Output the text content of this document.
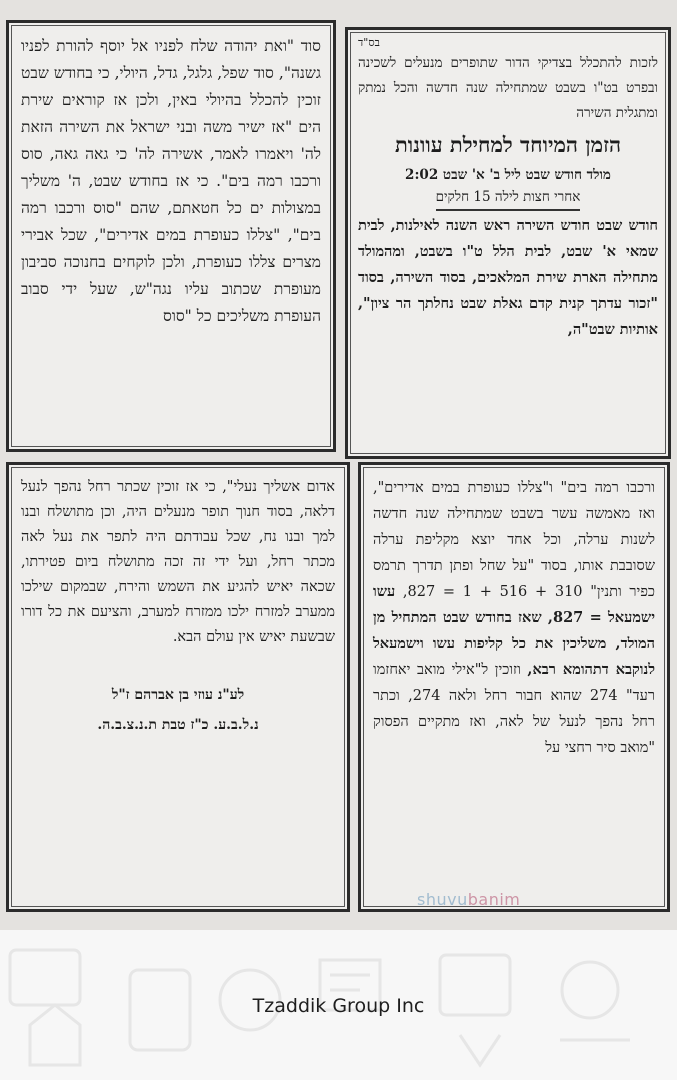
סוד "ואת יהודה שלח לפניו אל יוסף להורת לפניו גשנה", סוד שפל, גלגל, גדל, היולי, כי בחודש שבט זוכין להכלל בהיולי באין, ולכן אז קוראים שירת הים "אז ישיר משה ובני ישראל את השירה הזאת לה' ויאמרו לאמר, אשירה לה' כי גאה גאה, סוס ורכבו רמה בים". כי אז בחודש שבט, ה' משליך במצולות ים כל חטאתם, שהם "סוס ורכבו רמה בים", "צללו כעופרת במים אדירים", שכל אבירי מצרים צללו כעופרת, ולכן לוקחים בחנוכה סביבון מעופרת שכתוב עליו נגה"ש, שעל ידי סבוב העופרת משליכים כל "סוס
בס"ד
לזכות להתכלל בצדיקי הדור שתופרים מנעלים לשכינה ובפרט בט"ו בשבט שמתחילה שנה חדשה והכל נמתק ומתגלית השירה
הזמן המיוחד למחילת עוונות
מולד חודש שבט ליל ב' א' שבט 2:02
אחרי חצות לילה 15 חלקים
חודש שבט חודש השירה ראש השנה לאילנות, לבית שמאי א' שבט, לבית הלל ט"ו בשבט, ומהמולד מתחילה הארת שירת המלאכים, בסוד השירה, בסוד "זכור עדתך קנית קדם גאלת שבט נחלתך הר ציון", אותיות שבט"ה,
אדום אשליך נעלי", כי אז זוכין שכתר רחל נהפך לנעל דלאה, בסוד חנוך תופר מנעלים היה, וכן מתושלח ובנו למך ובנו נח, שכל עבודתם היה לתפר את נעל לאה מכתר רחל, ועל ידי זה זכה מתושלח ביום פטירתו, שכאה יאיש להגיע את השמש והירח, שבמקום שילכו ממערב למזרח ילכו ממזרח למערב, והציעם את כל דורו שבשעת יאיש אין עולם הבא.
לע"נ עוזי בן אברהם ז"ל
נ.ל.ב.ע. כ"ז טבת ת.נ.צ.ב.ה.
ורכבו רמה בים" ו"צללו כעופרת במים אדירים", ואז מאמשה עשר בשבט שמתחילה שנה חדשה לשנות ערלה, וכל אחד יוצא מקליפת ערלה שסובבת אותו, בסוד "על שחל ופתן תדרך תרמס כפיר ותנין" 310 + 516 + 1 = 827, עשו ישמעאל = 827, שאז בחודש שבט המתחיל מן המולד, משליכין את כל קליפות עשו וישמעאל לנוקבא דתהומא רבא, וזוכין ל"אילי מואב יאחזמו רעד" 274 שהוא חבור רחל ולאה 274, וכתר רחל נהפך לנעל של לאה, ואז מתקיים הפסוק "מואב סיר רחצי על
shuvubanim
Tzaddik Group Inc
